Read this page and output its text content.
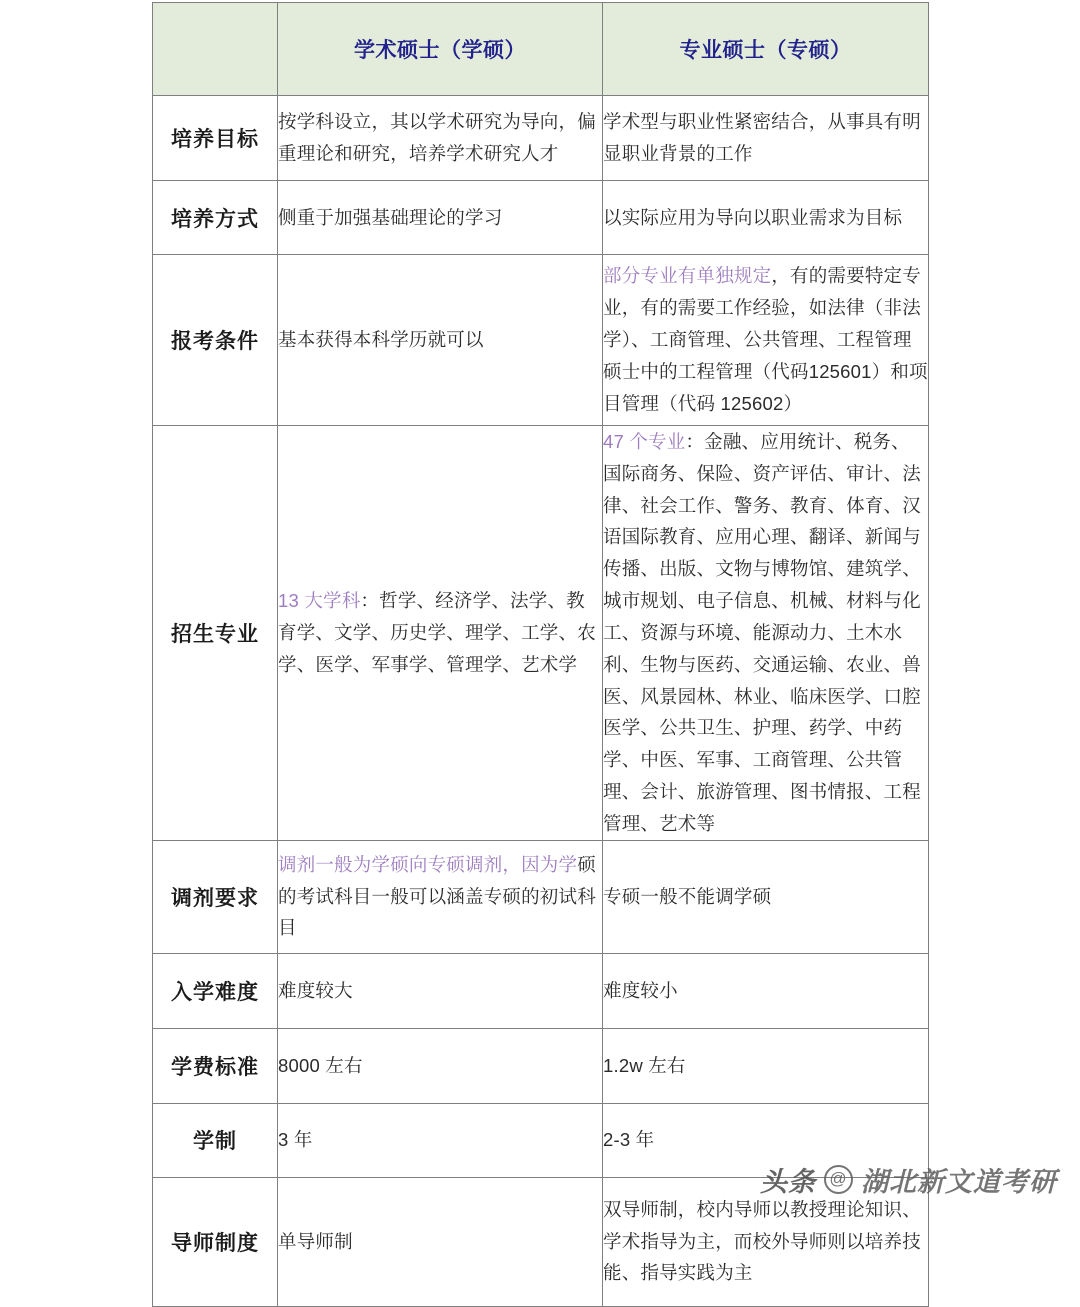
	学术硕士（学硕）	专业硕士（专硕）
培养目标	按学科设立，其以学术研究为导向，偏重理论和研究，培养学术研究人才	学术型与职业性紧密结合，从事具有明显职业背景的工作
培养方式	侧重于加强基础理论的学习	以实际应用为导向以职业需求为目标
报考条件	基本获得本科学历就可以	部分专业有单独规定，有的需要特定专业，有的需要工作经验，如法律（非法学）、工商管理、公共管理、工程管理硕士中的工程管理（代码125601）和项目管理（代码 125602）
招生专业	13 大学科：哲学、经济学、法学、教育学、文学、历史学、理学、工学、农学、医学、军事学、管理学、艺术学	47 个专业：金融、应用统计、税务、国际商务、保险、资产评估、审计、法律、社会工作、警务、教育、体育、汉语国际教育、应用心理、翻译、新闻与传播、出版、文物与博物馆、建筑学、城市规划、电子信息、机械、材料与化工、资源与环境、能源动力、土木水利、生物与医药、交通运输、农业、兽医、风景园林、林业、临床医学、口腔医学、公共卫生、护理、药学、中药学、中医、军事、工商管理、公共管理、会计、旅游管理、图书情报、工程管理、艺术等
调剂要求	调剂一般为学硕向专硕调剂，因为学硕的考试科目一般可以涵盖专硕的初试科目	专硕一般不能调学硕
入学难度	难度较大	难度较小
学费标准	8000 左右	1.2w 左右
学制	3 年	2-3 年
导师制度	单导师制	双导师制，校内导师以教授理论知识、学术指导为主，而校外导师则以培养技能、指导实践为主
头条 @ 湖北新文道考研
